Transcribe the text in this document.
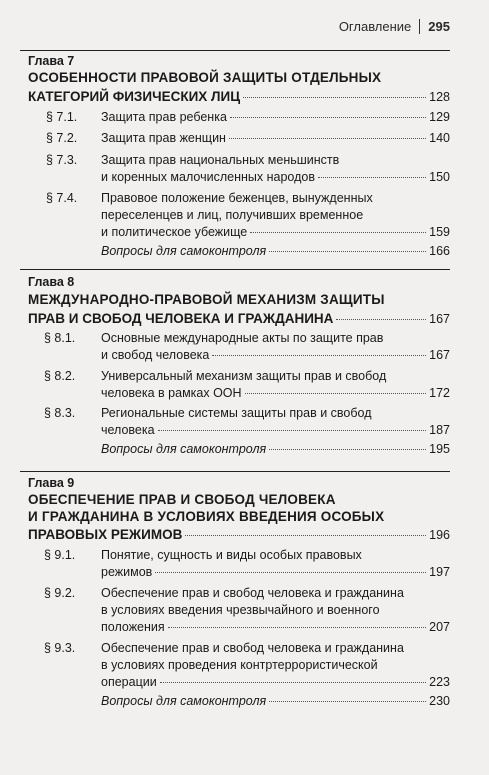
Оглавление 295
Глава 7
ОСОБЕННОСТИ ПРАВОВОЙ ЗАЩИТЫ ОТДЕЛЬНЫХ
КАТЕГОРИЙ ФИЗИЧЕСКИХ ЛИЦ	128
§ 7.1. Защита прав ребенка	129
§ 7.2. Защита прав женщин	140
§ 7.3. Защита прав национальных меньшинств
и коренных малочисленных народов	150
§ 7.4. Правовое положение беженцев, вынужденных
переселенцев и лиц, получивших временное
и политическое убежище	159
Вопросы для самоконтроля	166
Глава 8
МЕЖДУНАРОДНО-ПРАВОВОЙ МЕХАНИЗМ ЗАЩИТЫ
ПРАВ И СВОБОД ЧЕЛОВЕКА И ГРАЖДАНИНА	167
§ 8.1. Основные международные акты по защите прав
и свобод человека	167
§ 8.2. Универсальный механизм защиты прав и свобод
человека в рамках ООН	172
§ 8.3. Региональные системы защиты прав и свобод
человека	187
Вопросы для самоконтроля	195
Глава 9
ОБЕСПЕЧЕНИЕ ПРАВ И СВОБОД ЧЕЛОВЕКА
И ГРАЖДАНИНА В УСЛОВИЯХ ВВЕДЕНИЯ ОСОБЫХ
ПРАВОВЫХ РЕЖИМОВ	196
§ 9.1. Понятие, сущность и виды особых правовых
режимов	197
§ 9.2. Обеспечение прав и свобод человека и гражданина
в условиях введения чрезвычайного и военного
положения	207
§ 9.3. Обеспечение прав и свобод человека и гражданина
в условиях проведения контртеррористической
операции	223
Вопросы для самоконтроля	230
